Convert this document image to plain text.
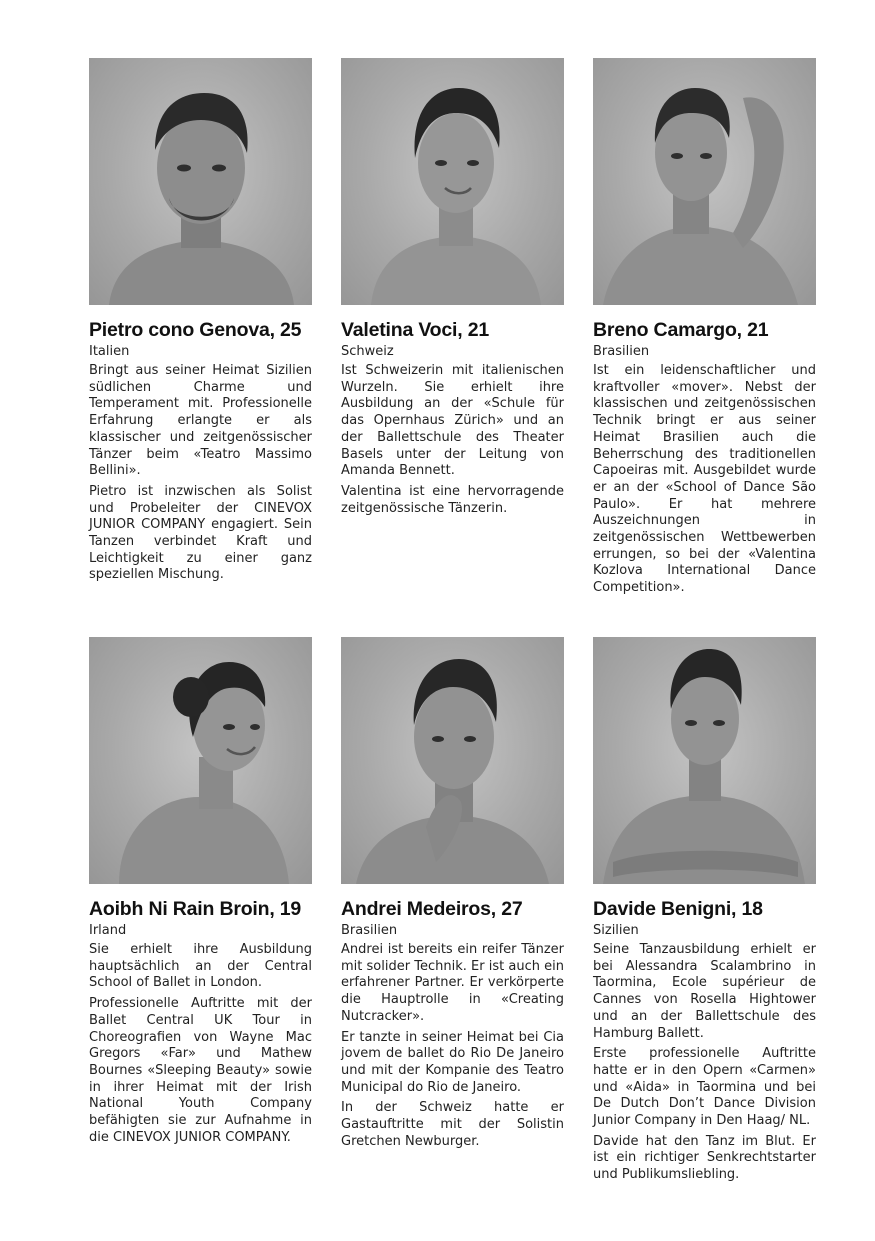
Pietro cono Genova, 25
Italien

Bringt aus seiner Heimat Sizilien südlichen Charme und Temperament mit. Professionelle Erfahrung erlangte er als klassischer und zeitgenössischer Tänzer beim «Teatro Massimo Bellini».

Pietro ist inzwischen als Solist und Probeleiter der CINEVOX JUNIOR COMPANY engagiert. Sein Tanzen verbindet Kraft und Leichtigkeit zu einer ganz speziellen Mischung.

Valetina Voci, 21
Schweiz

Ist Schweizerin mit italienischen Wurzeln. Sie erhielt ihre Ausbildung an der «Schule für das Opernhaus Zürich» und an der Ballettschule des Theater Basels unter der Leitung von Amanda Bennett.

Valentina ist eine hervorragende zeitgenössische Tänzerin.

Breno Camargo, 21
Brasilien

Ist ein leidenschaftlicher und kraftvoller «mover». Nebst der klassischen und zeitgenössischen Technik bringt er aus seiner Heimat Brasilien auch die Beherrschung des traditionellen Capoeiras mit. Ausgebildet wurde er an der «School of Dance São Paulo». Er hat mehrere Auszeichnungen in zeitgenössischen Wettbewerben errungen, so bei der «Valentina Kozlova International Dance Competition».

Aoibh Ni Rain Broin, 19
Irland

Sie erhielt ihre Ausbildung hauptsächlich an der Central School of Ballet in London.

Professionelle Auftritte mit der Ballet Central UK Tour in Choreografien von Wayne Mac Gregors «Far» und Mathew Bournes «Sleeping Beauty» sowie in ihrer Heimat mit der Irish National Youth Company befähigten sie zur Aufnahme in die CINEVOX JUNIOR COMPANY.

Andrei Medeiros, 27
Brasilien

Andrei ist bereits ein reifer Tänzer mit solider Technik. Er ist auch ein erfahrener Partner. Er verkörperte die Hauptrolle in «Creating Nutcracker».

Er tanzte in seiner Heimat bei Cia jovem de ballet do Rio De Janeiro und mit der Kompanie des Teatro Municipal do Rio de Janeiro.

In der Schweiz hatte er Gastauftritte mit der Solistin Gretchen Newburger.

Davide Benigni, 18
Sizilien

Seine Tanzausbildung erhielt er bei Alessandra Scalambrino in Taormina, Ecole supérieur de Cannes von Rosella Hightower und an der Ballettschule des Hamburg Ballett.

Erste professionelle Auftritte hatte er in den Opern «Carmen» und «Aida» in Taormina und bei De Dutch Don’t Dance Division Junior Company in Den Haag/ NL.

Davide hat den Tanz im Blut. Er ist ein richtiger Senkrechtstarter und Publikumsliebling.
